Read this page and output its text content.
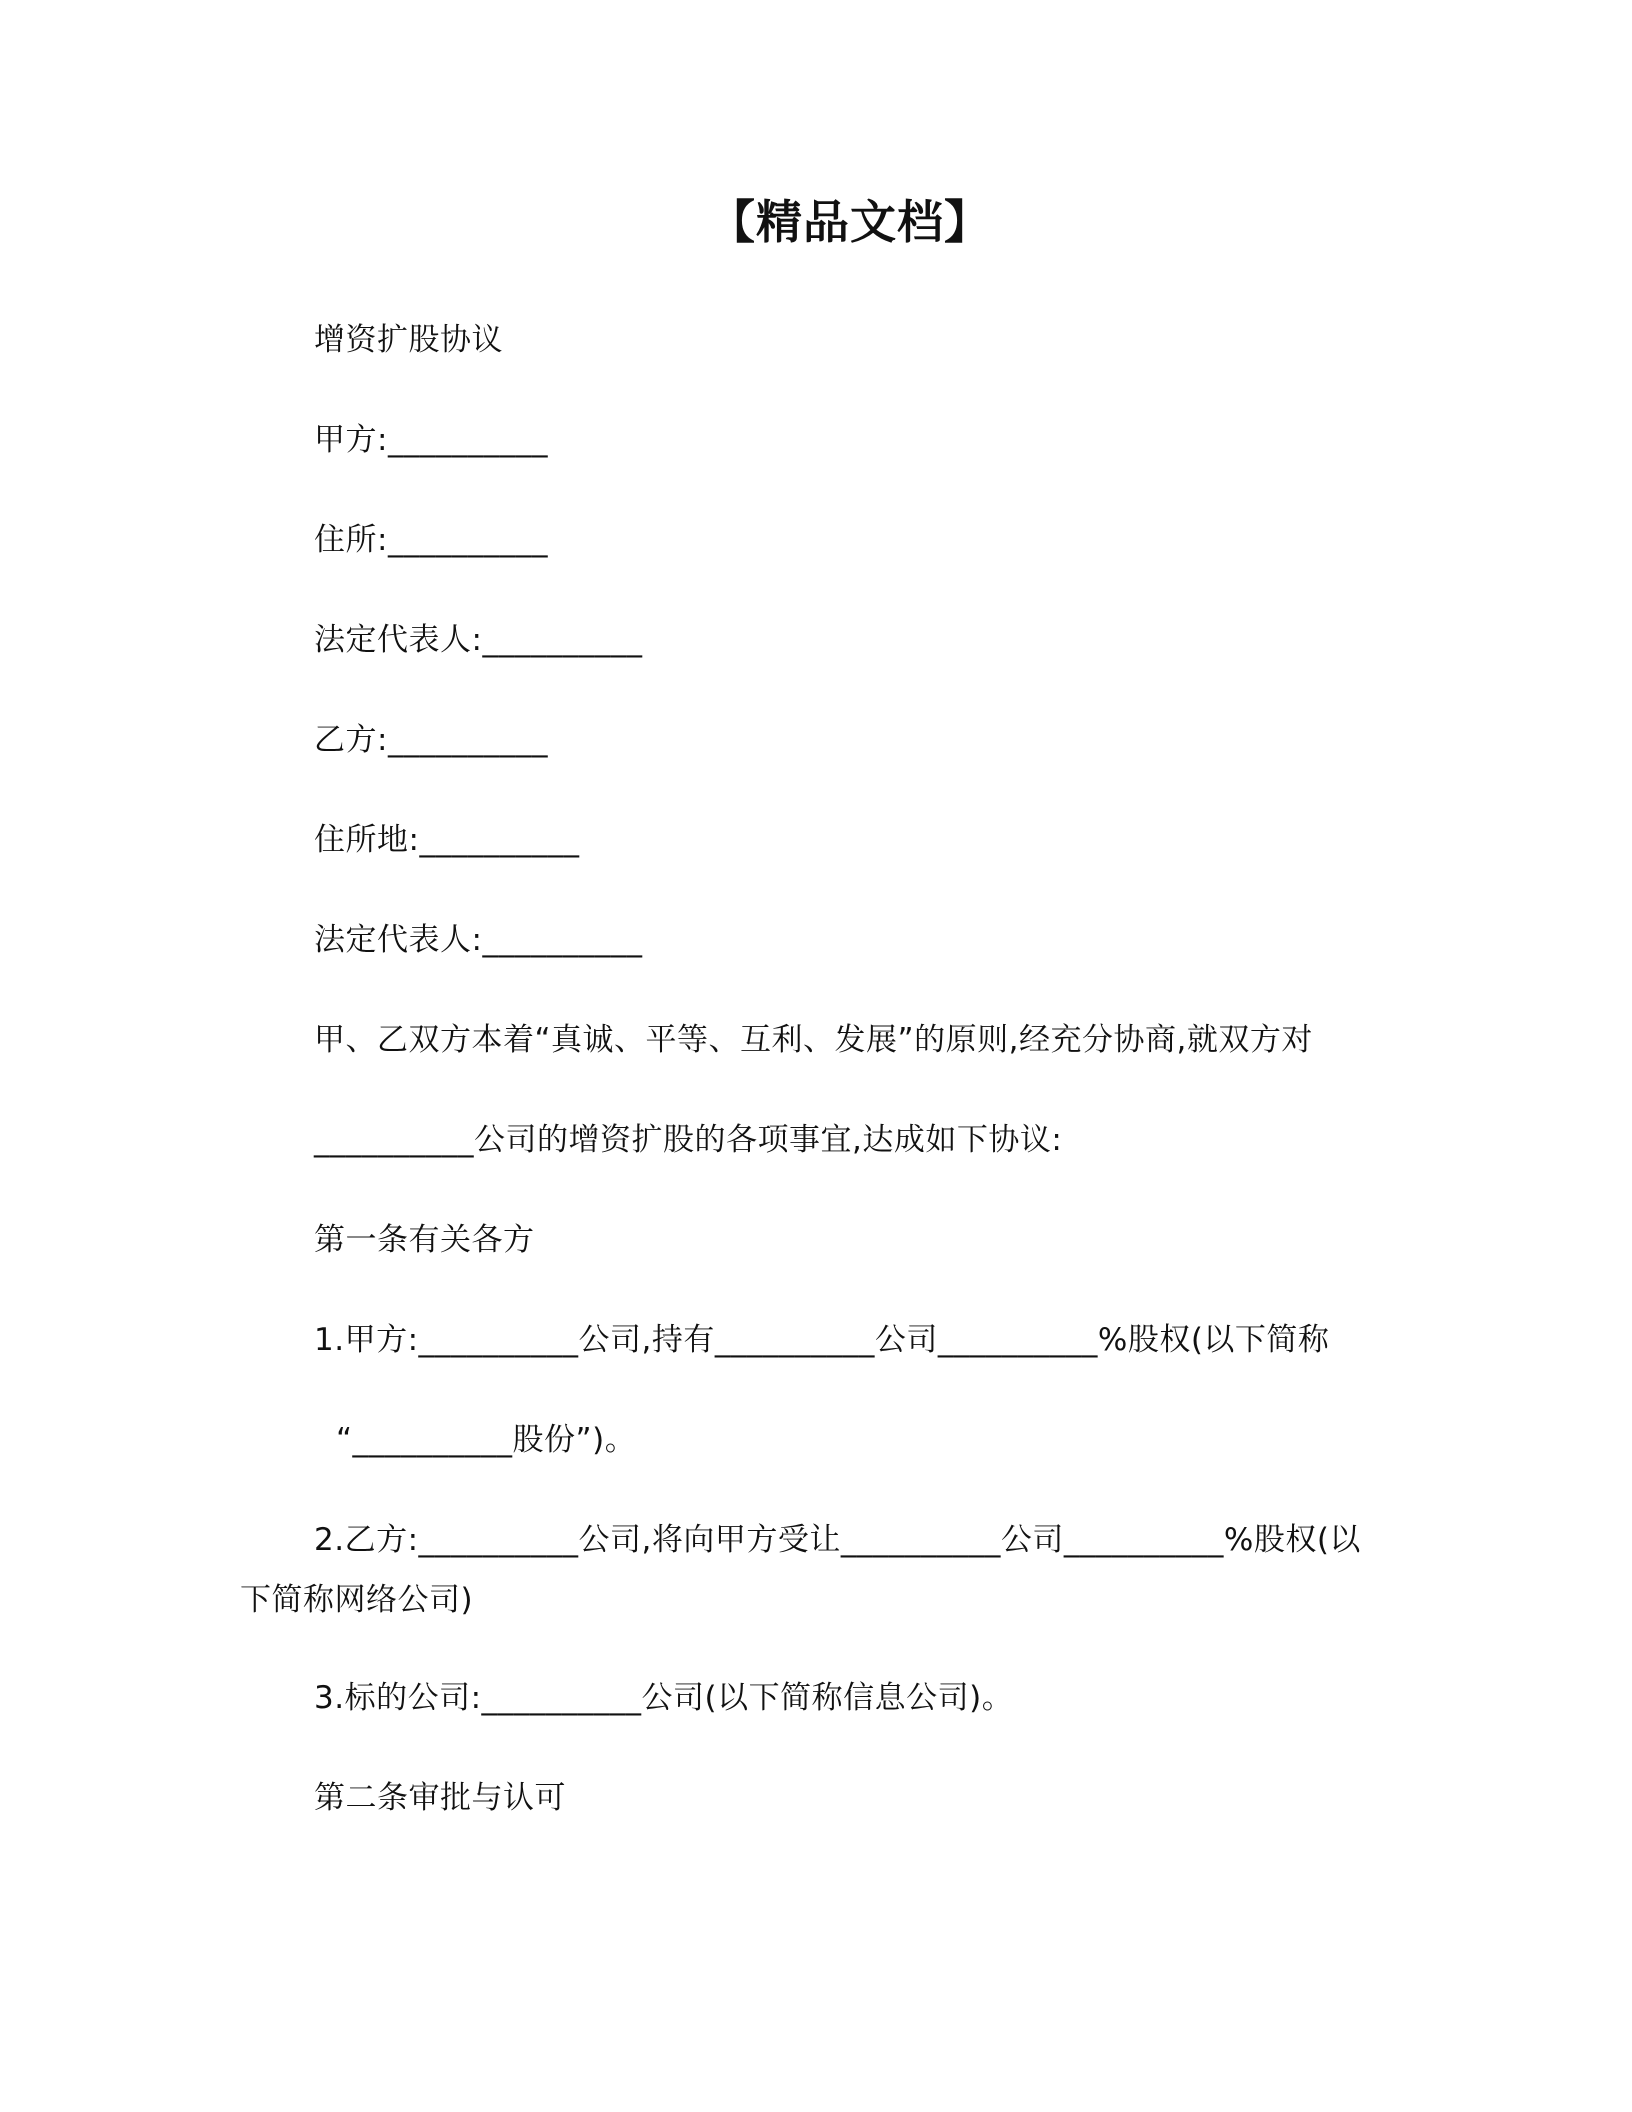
【精品文档】
增资扩股协议
甲方:__________
住所:__________
法定代表人:__________
乙方:__________
住所地:__________
法定代表人:__________
甲、乙双方本着“真诚、平等、互利、发展”的原则,经充分协商,就双方对
__________公司的增资扩股的各项事宜,达成如下协议:
第一条有关各方
1.甲方:__________公司,持有__________公司__________%股权(以下简称
“__________股份”)。
2.乙方:__________公司,将向甲方受让__________公司__________%股权(以
下简称网络公司)
3.标的公司:__________公司(以下简称信息公司)。
第二条审批与认可
